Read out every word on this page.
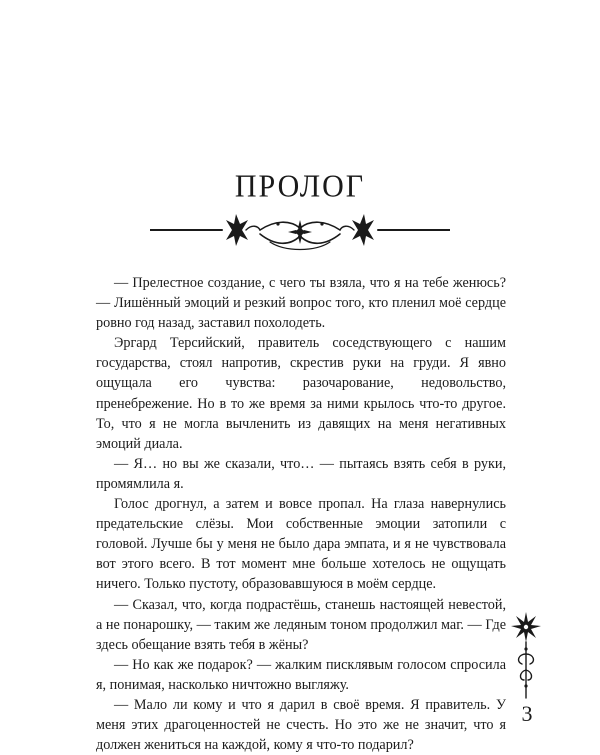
ПРОЛОГ

— Прелестное создание, с чего ты взяла, что я на тебе женюсь? — Лишённый эмоций и резкий вопрос того, кто пленил моё сердце ровно год назад, заставил похолодеть.

Эргард Терсийский, правитель соседствующего с нашим государства, стоял напротив, скрестив руки на груди. Я явно ощущала его чувства: разочарование, недовольство, пренебрежение. Но в то же время за ними крылось что-то другое. То, что я не могла вычленить из давящих на меня негативных эмоций диала.

— Я… но вы же сказали, что… — пытаясь взять себя в руки, промямлила я.

Голос дрогнул, а затем и вовсе пропал. На глаза навернулись предательские слёзы. Мои собственные эмоции затопили с головой. Лучше бы у меня не было дара эмпата, и я не чувствовала вот этого всего. В тот момент мне больше хотелось не ощущать ничего. Только пустоту, образовавшуюся в моём сердце.

— Сказал, что, когда подрастёшь, станешь настоящей невестой, а не понарошку, — таким же ледяным тоном продолжил маг. — Где здесь обещание взять тебя в жёны?

— Но как же подарок? — жалким писклявым голосом спросила я, понимая, насколько ничтожно выгляжу.

— Мало ли кому и что я дарил в своё время. Я правитель. У меня этих драгоценностей не счесть. Но это же не значит, что я должен жениться на каждой, кому я что-то подарил?

3
